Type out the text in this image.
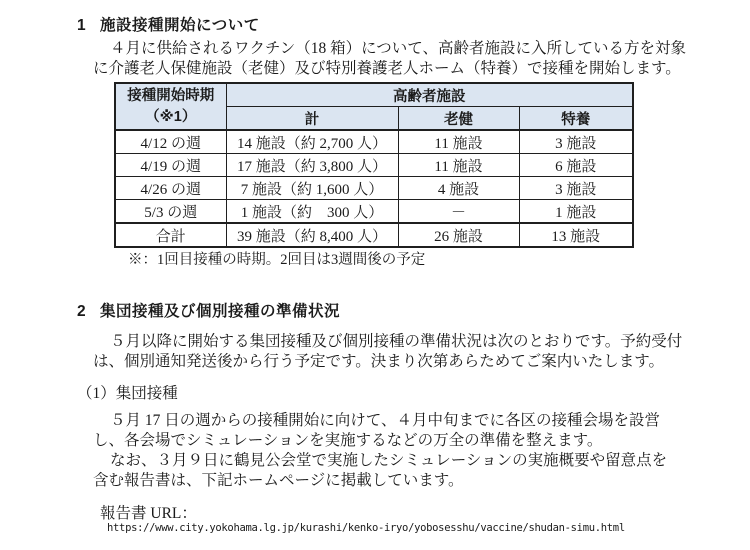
1 施設接種開始について
４月に供給されるワクチン（18 箱）について、高齢者施設に入所している方を対象
に介護老人保健施設（老健）及び特別養護老人ホーム（特養）で接種を開始します。
接種開始時期
（※1）	高齢者施設		
	計	老健	特養
4/12 の週	14 施設（約 2,700 人）	11 施設	3 施設
4/19 の週	17 施設（約 3,800 人）	11 施設	6 施設
4/26 の週	7 施設（約 1,600 人）	4 施設	3 施設
5/3 の週	1 施設（約　300 人）	－	1 施設
合計	39 施設（約 8,400 人）	26 施設	13 施設
※：1回目接種の時期。2回目は3週間後の予定
2 集団接種及び個別接種の準備状況
５月以降に開始する集団接種及び個別接種の準備状況は次のとおりです。予約受付
は、個別通知発送後から行う予定です。決まり次第あらためてご案内いたします。
（1）集団接種
５月 17 日の週からの接種開始に向けて、４月中旬までに各区の接種会場を設営
し、各会場でシミュレーションを実施するなどの万全の準備を整えます。
なお、３月９日に鶴見公会堂で実施したシミュレーションの実施概要や留意点を
含む報告書は、下記ホームページに掲載しています。
報告書 URL：
https://www.city.yokohama.lg.jp/kurashi/kenko-iryo/yobosesshu/vaccine/shudan-simu.html
